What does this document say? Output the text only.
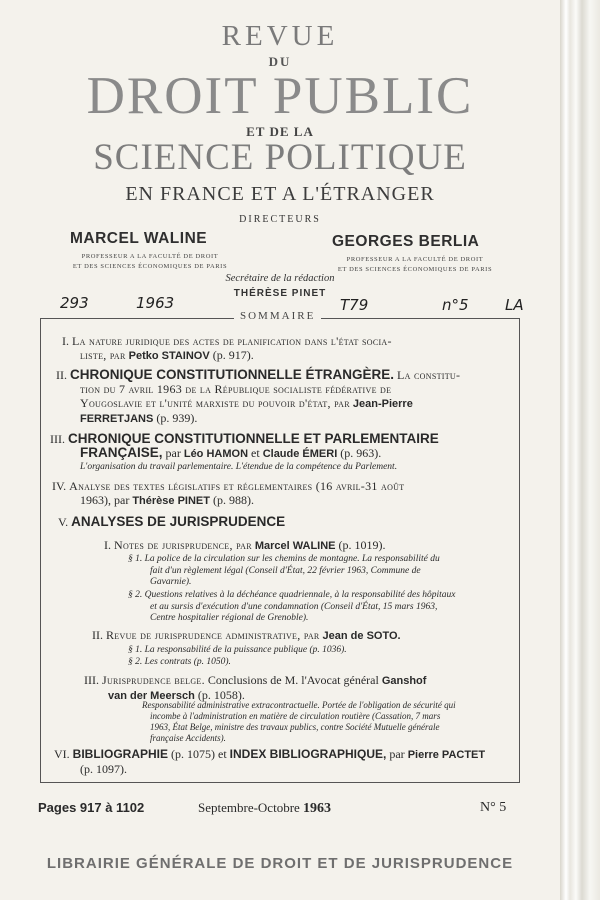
REVUE
DU
DROIT PUBLIC
ET DE LA
SCIENCE POLITIQUE
EN FRANCE ET A L'ÉTRANGER
DIRECTEURS
MARCEL WALINE
PROFESSEUR A LA FACULTÉ DE DROIT
ET DES SCIENCES ÉCONOMIQUES DE PARIS
GEORGES BERLIA
PROFESSEUR A LA FACULTÉ DE DROIT
ET DES SCIENCES ÉCONOMIQUES DE PARIS
Secrétaire de la rédaction
THÉRÈSE PINET
293	1963	T79	n°5 LA
SOMMAIRE
I. La nature juridique des actes de planification dans l'état socia-
liste, par Petko STAINOV (p. 917).
II. CHRONIQUE CONSTITUTIONNELLE ÉTRANGÈRE. La constitu-
tion du 7 avril 1963 de la République socialiste fédérative de
Yougoslavie et l'unité marxiste du pouvoir d'état, par Jean-Pierre
FERRETJANS (p. 939).
III. CHRONIQUE CONSTITUTIONNELLE ET PARLEMENTAIRE
FRANÇAISE, par Léo HAMON et Claude ÉMERI (p. 963).
L'organisation du travail parlementaire. L'étendue de la compétence du Parlement.
IV. Analyse des textes législatifs et réglementaires (16 avril-31 août
1963), par Thérèse PINET (p. 988).
V. ANALYSES DE JURISPRUDENCE
I. Notes de jurisprudence, par Marcel WALINE (p. 1019).
§ 1. La police de la circulation sur les chemins de montagne. La responsabilité du
fait d'un règlement légal (Conseil d'État, 22 février 1963, Commune de
Gavarnie).
§ 2. Questions relatives à la déchéance quadriennale, à la responsabilité des hôpitaux
et au sursis d'exécution d'une condamnation (Conseil d'État, 15 mars 1963,
Centre hospitalier régional de Grenoble).
II. Revue de jurisprudence administrative, par Jean de SOTO.
§ 1. La responsabilité de la puissance publique (p. 1036).
§ 2. Les contrats (p. 1050).
III. Jurisprudence belge. Conclusions de M. l'Avocat général Ganshof
van der Meersch (p. 1058).
Responsabilité administrative extracontractuelle. Portée de l'obligation de sécurité qui
incombe à l'administration en matière de circulation routière (Cassation, 7 mars
1963, État Belge, ministre des travaux publics, contre Société Mutuelle générale
française Accidents).
VI. BIBLIOGRAPHIE (p. 1075) et INDEX BIBLIOGRAPHIQUE, par Pierre PACTET
(p. 1097).
Pages 917 à 1102	Septembre-Octobre 1963	N° 5
LIBRAIRIE GÉNÉRALE DE DROIT ET DE JURISPRUDENCE
